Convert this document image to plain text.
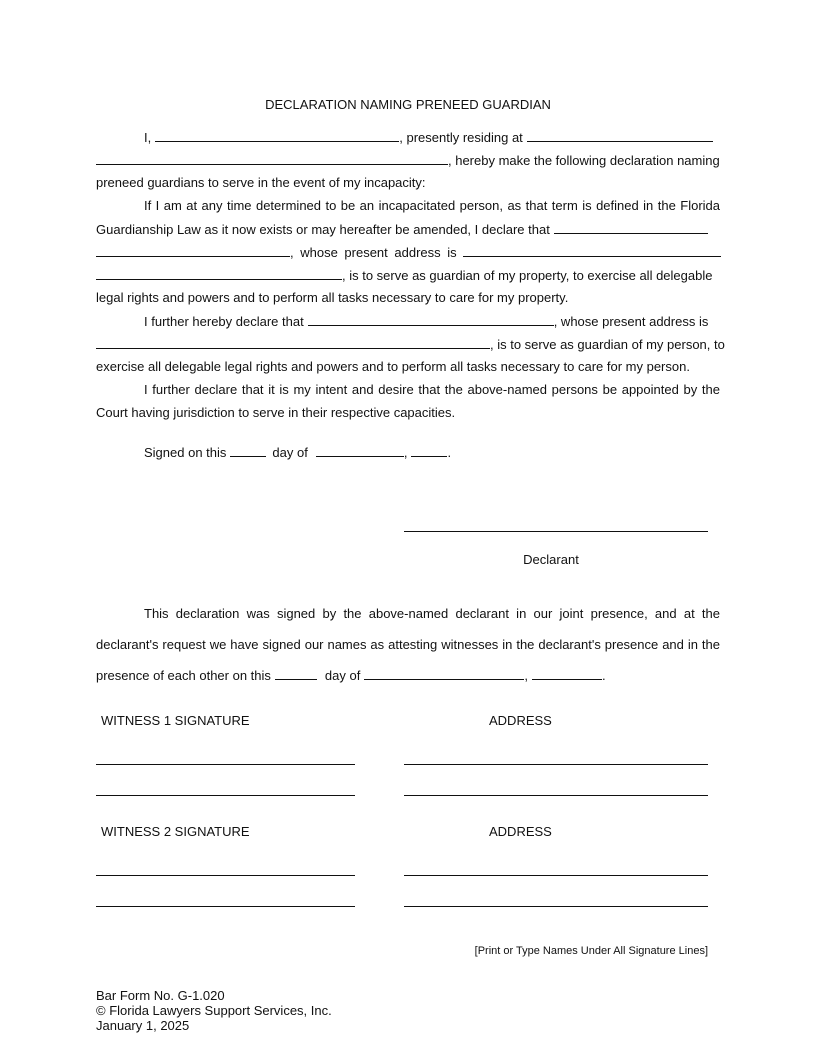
DECLARATION NAMING PRENEED GUARDIAN
I,	, presently residing at
, hereby make the following declaration naming
preneed guardians to serve in the event of my incapacity:
If I am at any time determined to be an incapacitated person, as that term is defined in the Florida
Guardianship Law as it now exists or may hereafter be amended, I declare that
, whose present address is
, is to serve as guardian of my property, to exercise all delegable
legal rights and powers and to perform all tasks necessary to care for my property.
I further hereby declare that	, whose present address is
, is to serve as guardian of my person, to
exercise all delegable legal rights and powers and to perform all tasks necessary to care for my person.
I further declare that it is my intent and desire that the above-named persons be appointed by the
Court having jurisdiction to serve in their respective capacities.
Signed on this	day of	,	.
Declarant
This declaration was signed by the above-named declarant in our joint presence, and at the
declarant's request we have signed our names as attesting witnesses in the declarant's presence and in the
presence of each other on this	day of	,	.
WITNESS 1 SIGNATURE	ADDRESS
WITNESS 2 SIGNATURE	ADDRESS
[Print or Type Names Under All Signature Lines]
Bar Form No. G-1.020
© Florida Lawyers Support Services, Inc.
January 1, 2025
